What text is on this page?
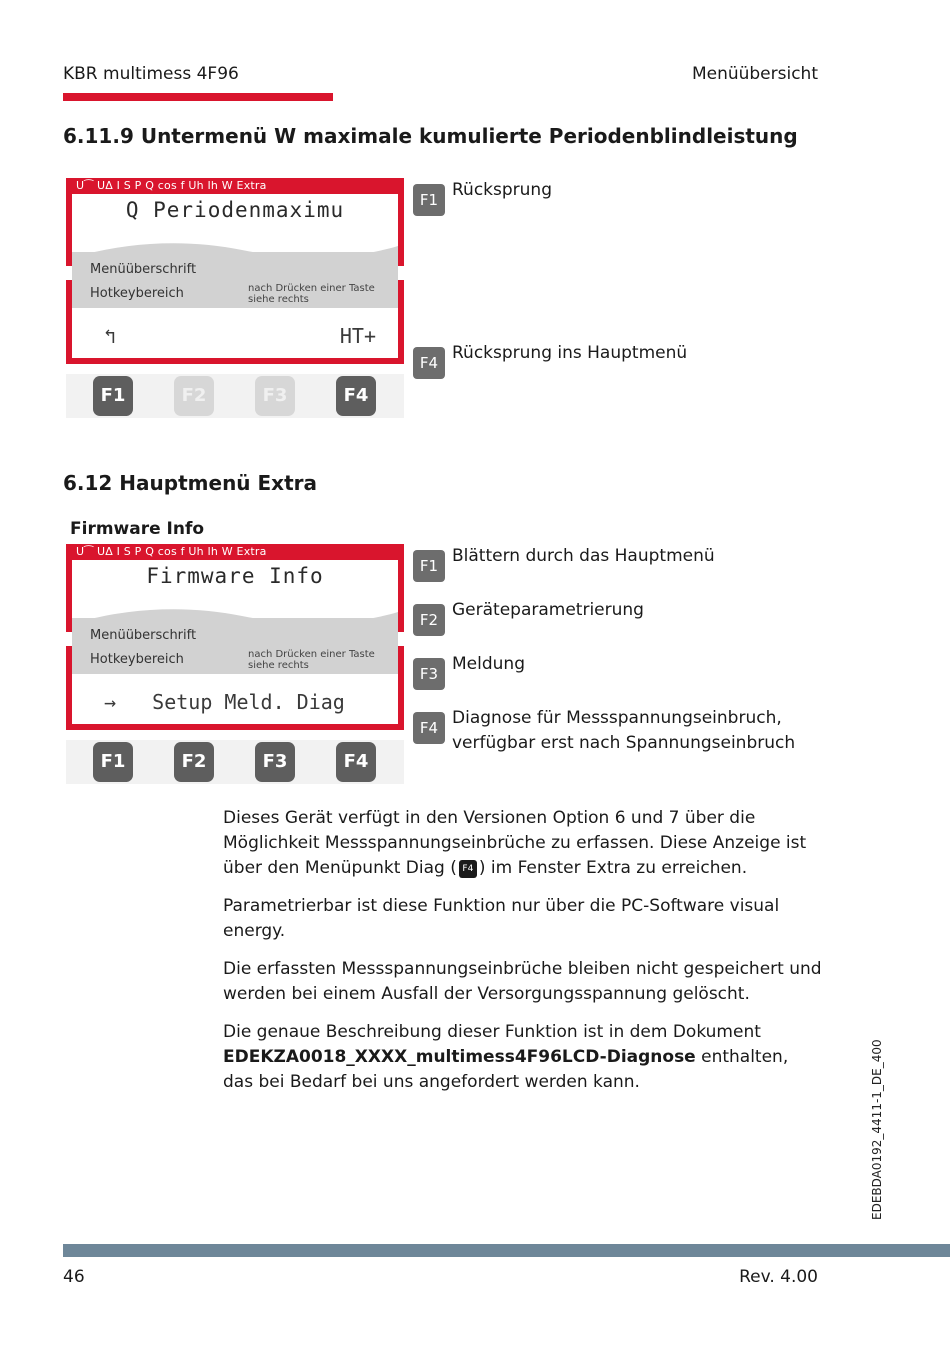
KBR multimess 4F96	Menüübersicht
6.11.9 Untermenü W maximale kumulierte Periodenblindleistung
U⁀ UΔ I S P Q cos f Uh Ih W Extra
Q Periodenmaximu
Menüüberschrift
Hotkeybereich	nach Drücken einer Taste siehe rechts
↰	HT+
F1	F2	F3	F4
F1 Rücksprung
F4 Rücksprung ins Hauptmenü
6.12 Hauptmenü Extra
Firmware Info
U⁀ UΔ I S P Q cos f Uh Ih W Extra
Firmware Info
Menüüberschrift
Hotkeybereich	nach Drücken einer Taste siehe rechts
→   Setup Meld. Diag
F1	F2	F3	F4
F1 Blättern durch das Hauptmenü
F2 Geräteparametrierung
F3 Meldung
F4 Diagnose für Messspannungseinbruch, verfügbar erst nach Spannungseinbruch
Dieses Gerät verfügt in den Versionen Option 6 und 7 über die Möglichkeit Messspannungseinbrüche zu erfassen. Diese Anzeige ist über den Menüpunkt Diag ( F4 ) im Fenster Extra zu erreichen.
Parametrierbar ist diese Funktion nur über die PC-Software visual energy.
Die erfassten Messspannungseinbrüche bleiben nicht gespeichert und werden bei einem Ausfall der Versorgungsspannung gelöscht.
Die genaue Beschreibung dieser Funktion ist in dem Dokument EDEKZA0018_XXXX_multimess4F96LCD-Diagnose enthalten, das bei Bedarf bei uns angefordert werden kann.	EDEBDA0192_4411-1_DE_400
46	Rev. 4.00
